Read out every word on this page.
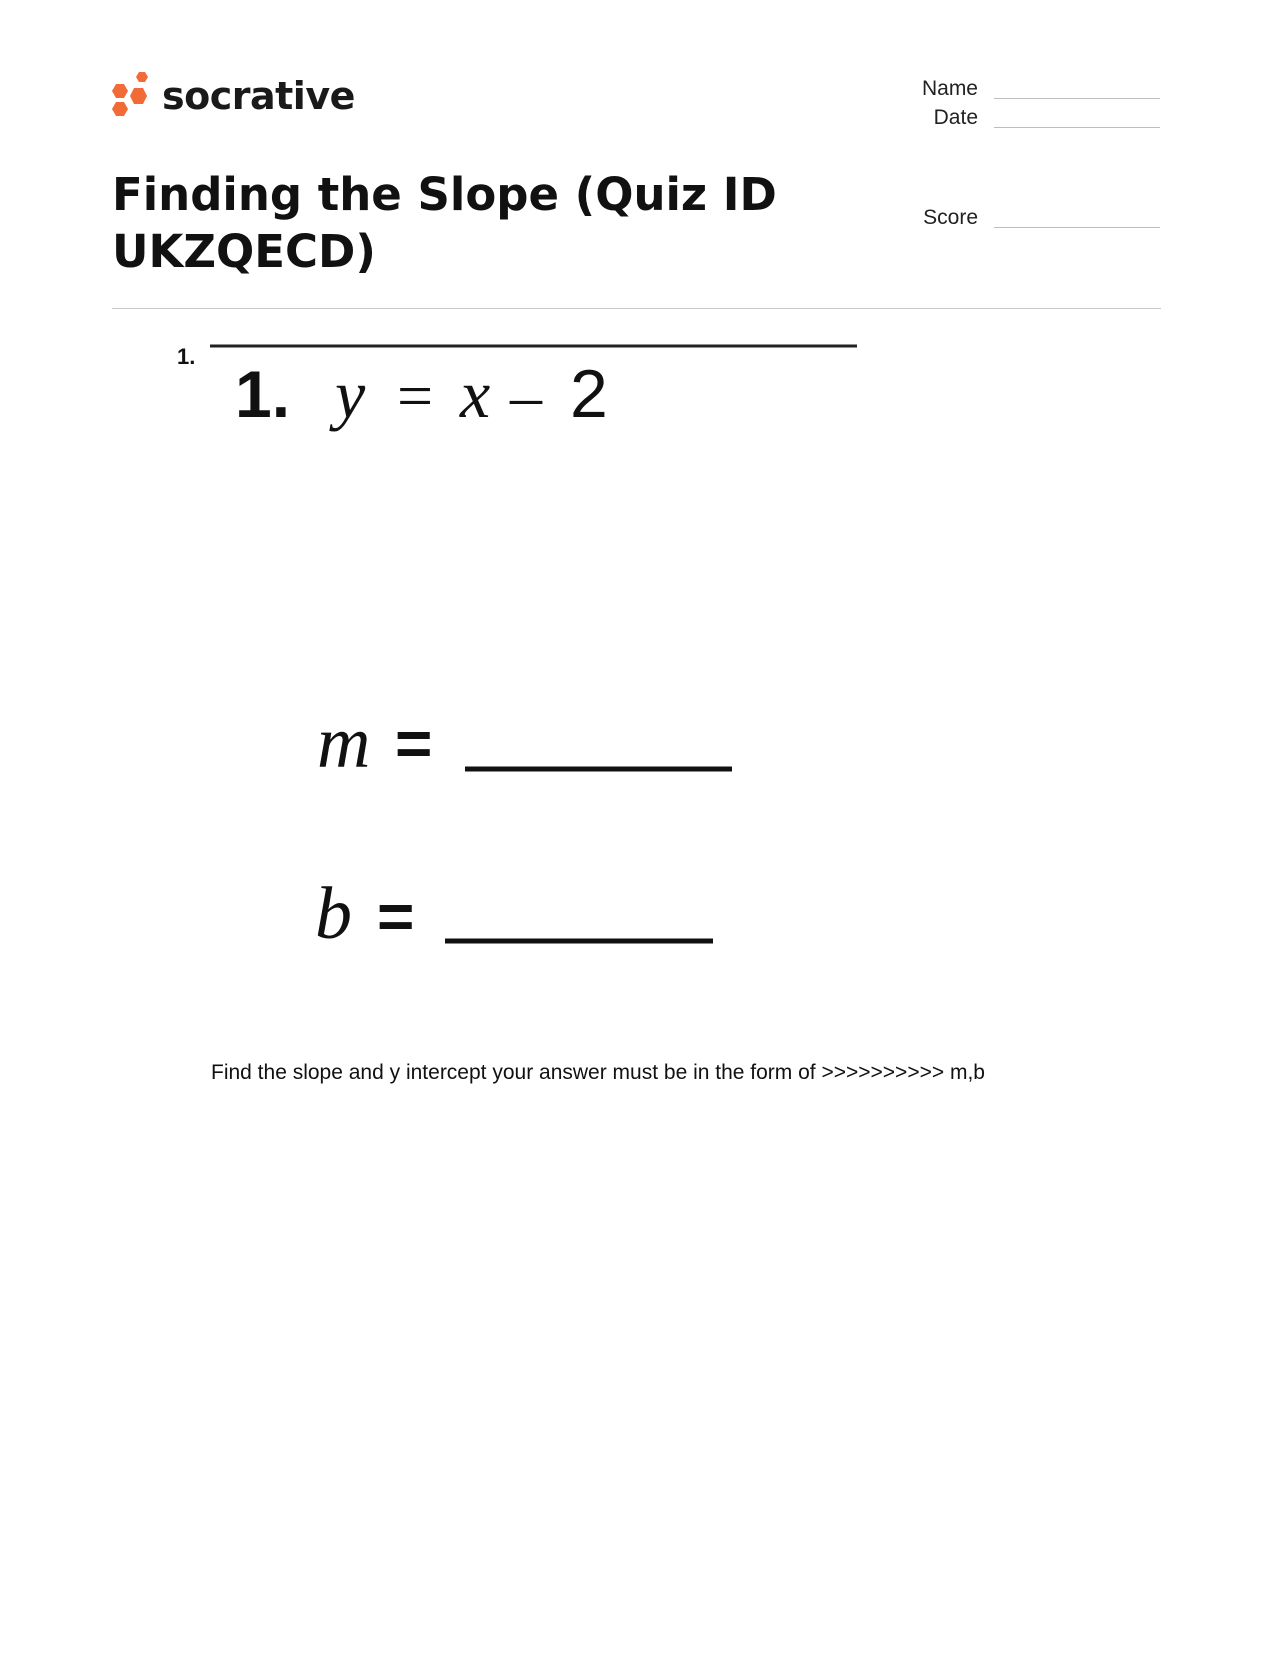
socrative
Finding the Slope (Quiz ID UKZQECD)
Name
Date
Score
1.
1. y = x – 2
m =
b =
Find the slope and y intercept your answer must be in the form of >>>>>>>>>> m,b
